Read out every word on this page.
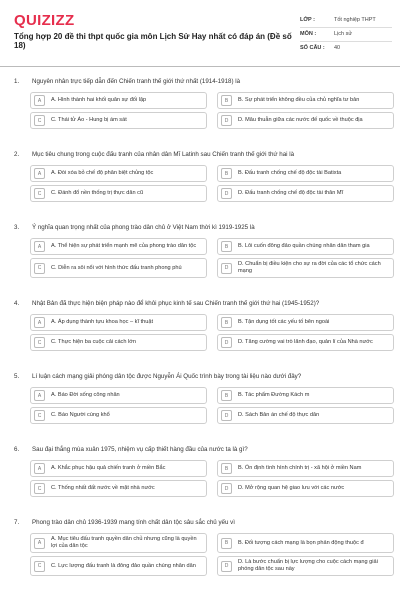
QUIZIZZ
Tổng hợp 20 đề thi thpt quốc gia môn Lịch Sử Hay nhất có đáp án (Đề số 18)
LỚP :	Tốt nghiệp THPT
MÔN :	Lịch sử
SỐ CÂU :	40
1.	Nguyên nhân trực tiếp dẫn đến Chiến tranh thế giới thứ nhất (1914-1918) là
A	A. Hình thành hai khối quân sự đối lập	B	B. Sự phát triển không đều của chủ nghĩa tư bản
C	C. Thái tử Áo - Hung bị ám sát	D	D. Mâu thuẫn giữa các nước đế quốc về thuộc địa
2.	Mục tiêu chung trong cuộc đấu tranh của nhân dân Mĩ Latinh sau Chiến tranh thế giới thứ hai là
A	A. Đòi xóa bỏ chế độ phân biệt chủng tộc	B	B. Đấu tranh chống chế độ độc tài Batixta
C	C. Đánh đổ nền thống trị thực dân cũ	D	D. Đấu tranh chống chế độ độc tài thân Mĩ
3.	Ý nghĩa quan trọng nhất của phong trào dân chủ ở Việt Nam thời kì 1919-1925 là
A	A. Thể hiện sự phát triển mạnh mẽ của phong trào dân tộc	B	B. Lôi cuốn đông đảo quần chúng nhân dân tham gia
C	C. Diễn ra sôi nổi với hình thức đấu tranh phong phú	D
D. Chuẩn bị điều kiện cho sự ra đời của các tổ chức cách mạng
4.	Nhật Bản đã thực hiện biện pháp nào để khôi phục kinh tế sau Chiến tranh thế giới thứ hai (1945-1952)?
A	A. Áp dụng thành tựu khoa học – kĩ thuật	B	B. Tận dụng tốt các yếu tố bên ngoài
C	C. Thực hiện ba cuộc cải cách lớn	D	D. Tăng cường vai trò lãnh đạo, quản lí của Nhà nước
5.	Lí luận cách mạng giải phóng dân tộc được Nguyễn Ái Quốc trình bày trong tài liệu nào dưới đây?
A	A. Báo Đời sống công nhân	B	B. Tác phẩm Đường Kách m
C	C. Báo Người cùng khổ	D	D. Sách Bản án chế độ thực dân
6.	Sau đại thắng mùa xuân 1975, nhiệm vụ cấp thiết hàng đầu của nước ta là gì?
A	A. Khắc phục hậu quả chiến tranh ở miền Bắc	B	B. Ổn định tình hình chính trị - xã hội ở miền Nam
C	C. Thống nhất đất nước về mặt nhà nước	D	D. Mở rộng quan hệ giao lưu với các nước
7.	Phong trào dân chủ 1936-1939 mang tính chất dân tộc sâu sắc chủ yếu vì
A
A. Mục tiêu đấu tranh quyền dân chủ nhưng cũng là quyền lợi của dân tộc	B	B. Đối tượng cách mạng là bọn phản động thuộc đ
C	C. Lực lượng đấu tranh là đông đảo quần chúng nhân dân	D
D. Là bước chuẩn bị lực lượng cho cuộc cách mạng giải phóng dân tộc sau này
